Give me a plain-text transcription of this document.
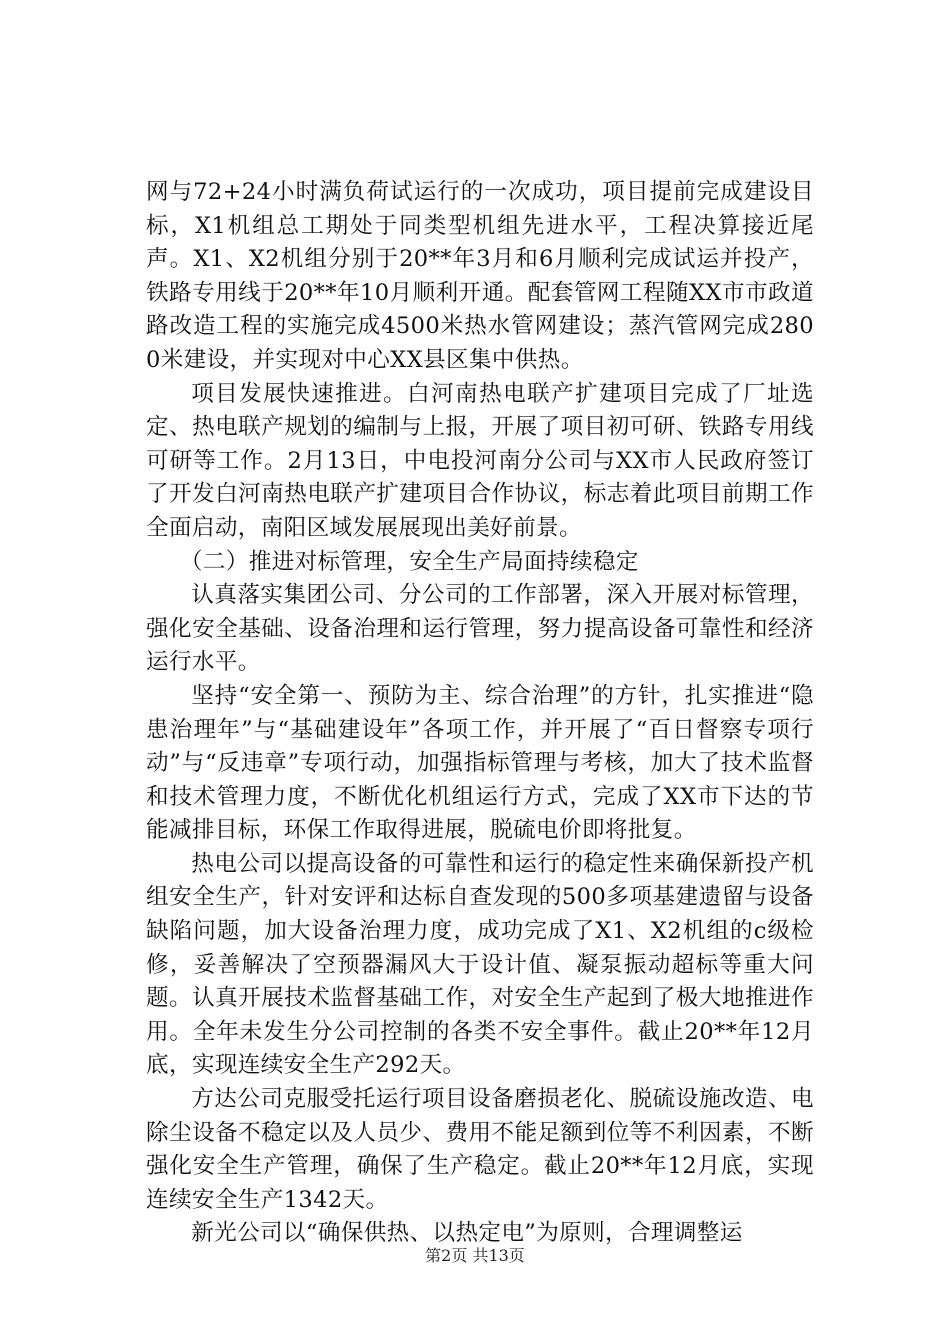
网与72+24小时满负荷试运行的一次成功，项目提前完成建设目标，X1机组总工期处于同类型机组先进水平，工程决算接近尾声。X1、X2机组分别于20**年3月和6月顺利完成试运并投产，铁路专用线于20**年10月顺利开通。配套管网工程随XX市市政道路改造工程的实施完成4500米热水管网建设；蒸汽管网完成2800米建设，并实现对中心XX县区集中供热。

项目发展快速推进。白河南热电联产扩建项目完成了厂址选定、热电联产规划的编制与上报，开展了项目初可研、铁路专用线可研等工作。2月13日，中电投河南分公司与XX市人民政府签订了开发白河南热电联产扩建项目合作协议，标志着此项目前期工作全面启动，南阳区域发展展现出美好前景。

（二）推进对标管理，安全生产局面持续稳定

认真落实集团公司、分公司的工作部署，深入开展对标管理，强化安全基础、设备治理和运行管理，努力提高设备可靠性和经济运行水平。

坚持“安全第一、预防为主、综合治理”的方针，扎实推进“隐患治理年”与“基础建设年”各项工作，并开展了“百日督察专项行动”与“反违章”专项行动，加强指标管理与考核，加大了技术监督和技术管理力度，不断优化机组运行方式，完成了XX市下达的节能减排目标，环保工作取得进展，脱硫电价即将批复。

热电公司以提高设备的可靠性和运行的稳定性来确保新投产机组安全生产，针对安评和达标自查发现的500多项基建遗留与设备缺陷问题，加大设备治理力度，成功完成了X1、X2机组的c级检修，妥善解决了空预器漏风大于设计值、凝泵振动超标等重大问题。认真开展技术监督基础工作，对安全生产起到了极大地推进作用。全年未发生分公司控制的各类不安全事件。截止20**年12月底，实现连续安全生产292天。

方达公司克服受托运行项目设备磨损老化、脱硫设施改造、电除尘设备不稳定以及人员少、费用不能足额到位等不利因素，不断强化安全生产管理，确保了生产稳定。截止20**年12月底，实现连续安全生产1342天。

新光公司以“确保供热、以热定电”为原则，合理调整运

第2页 共13页
